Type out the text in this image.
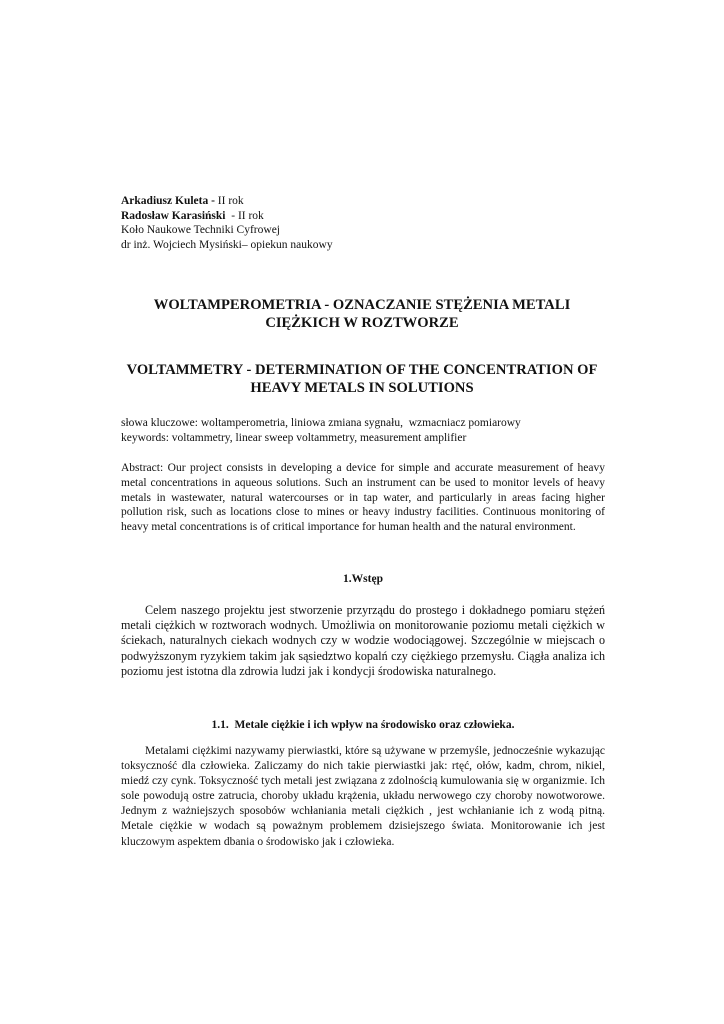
Arkadiusz Kuleta - II rok
Radosław Karasiński  - II rok
Koło Naukowe Techniki Cyfrowej
dr inż. Wojciech Mysiński– opiekun naukowy
WOLTAMPEROMETRIA - OZNACZANIE STĘŻENIA METALI
CIĘŻKICH W ROZTWORZE
VOLTAMMETRY - DETERMINATION OF THE CONCENTRATION OF
HEAVY METALS IN SOLUTIONS
słowa kluczowe: woltamperometria, liniowa zmiana sygnału,  wzmacniacz pomiarowy
keywords: voltammetry, linear sweep voltammetry, measurement amplifier

Abstract: Our project consists in developing a device for simple and accurate measurement of heavy metal concentrations in aqueous solutions. Such an instrument can be used to monitor levels of heavy metals in wastewater, natural watercourses or in tap water, and particularly in areas facing higher pollution risk, such as locations close to mines or heavy industry facilities. Continuous monitoring of heavy metal concentrations is of critical importance for human health and the natural environment.

1.Wstęp

Celem naszego projektu jest stworzenie przyrządu do prostego i dokładnego pomiaru stężeń metali ciężkich w roztworach wodnych. Umożliwia on monitorowanie poziomu metali ciężkich w ściekach, naturalnych ciekach wodnych czy w wodzie wodociągowej. Szczególnie w miejscach o podwyższonym ryzykiem takim jak sąsiedztwo kopalń czy ciężkiego przemysłu. Ciągła analiza ich poziomu jest istotna dla zdrowia ludzi jak i kondycji środowiska naturalnego.

1.1.  Metale ciężkie i ich wpływ na środowisko oraz człowieka.

Metalami ciężkimi nazywamy pierwiastki, które są używane w przemyśle, jednocześnie wykazując toksyczność dla człowieka. Zaliczamy do nich takie pierwiastki jak: rtęć, ołów, kadm, chrom, nikiel, miedź czy cynk. Toksyczność tych metali jest związana z zdolnością kumulowania się w organizmie. Ich sole powodują ostre zatrucia, choroby układu krążenia, układu nerwowego czy choroby nowotworowe. Jednym z ważniejszych sposobów wchłaniania metali ciężkich , jest wchłanianie ich z wodą pitną. Metale ciężkie w wodach są poważnym problemem dzisiejszego świata. Monitorowanie ich jest kluczowym aspektem dbania o środowisko jak i człowieka.
